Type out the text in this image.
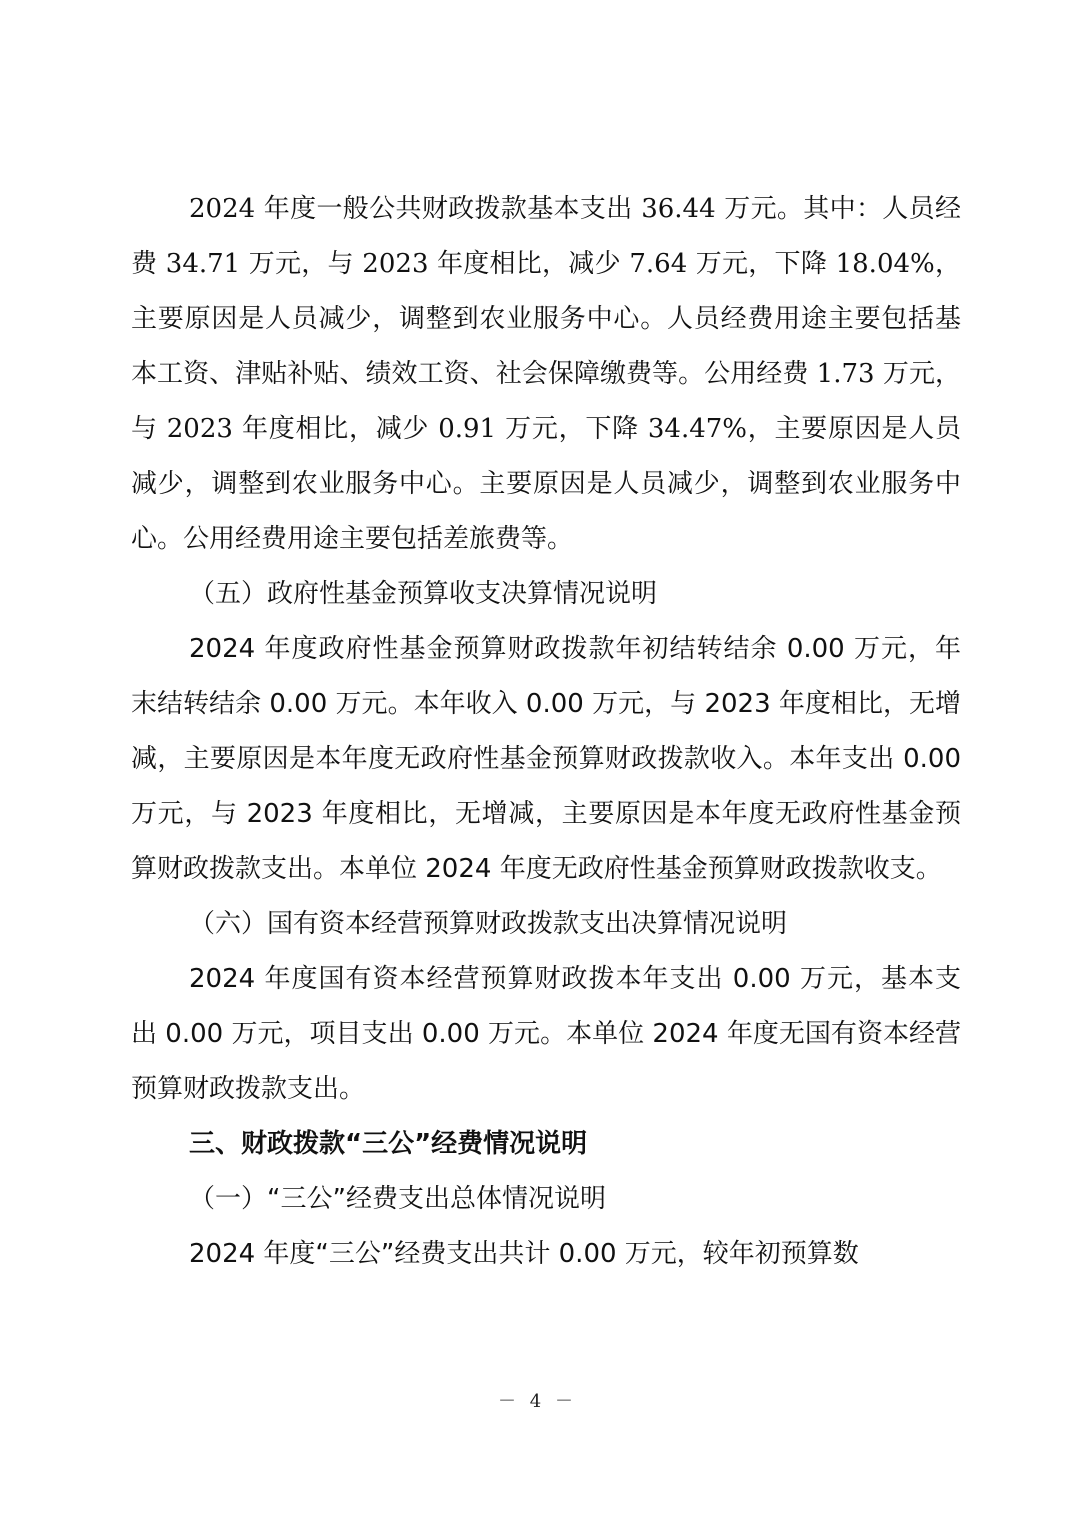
2024 年度一般公共财政拨款基本支出 36.44 万元。其中：人员经费 34.71 万元，与 2023 年度相比，减少 7.64 万元，下降 18.04%，主要原因是人员减少，调整到农业服务中心。人员经费用途主要包括基本工资、津贴补贴、绩效工资、社会保障缴费等。公用经费 1.73 万元，与 2023 年度相比，减少 0.91 万元，下降 34.47%，主要原因是人员减少，调整到农业服务中心。主要原因是人员减少，调整到农业服务中心。公用经费用途主要包括差旅费等。

（五）政府性基金预算收支决算情况说明

2024 年度政府性基金预算财政拨款年初结转结余 0.00 万元，年末结转结余 0.00 万元。本年收入 0.00 万元，与 2023 年度相比，无增减，主要原因是本年度无政府性基金预算财政拨款收入。本年支出 0.00 万元，与 2023 年度相比，无增减，主要原因是本年度无政府性基金预算财政拨款支出。本单位 2024 年度无政府性基金预算财政拨款收支。

（六）国有资本经营预算财政拨款支出决算情况说明

2024 年度国有资本经营预算财政拨本年支出 0.00 万元，基本支出 0.00 万元，项目支出 0.00 万元。本单位 2024 年度无国有资本经营预算财政拨款支出。

三、财政拨款“三公”经费情况说明

（一）“三公”经费支出总体情况说明

2024 年度“三公”经费支出共计 0.00 万元，较年初预算数

－ 4 －
